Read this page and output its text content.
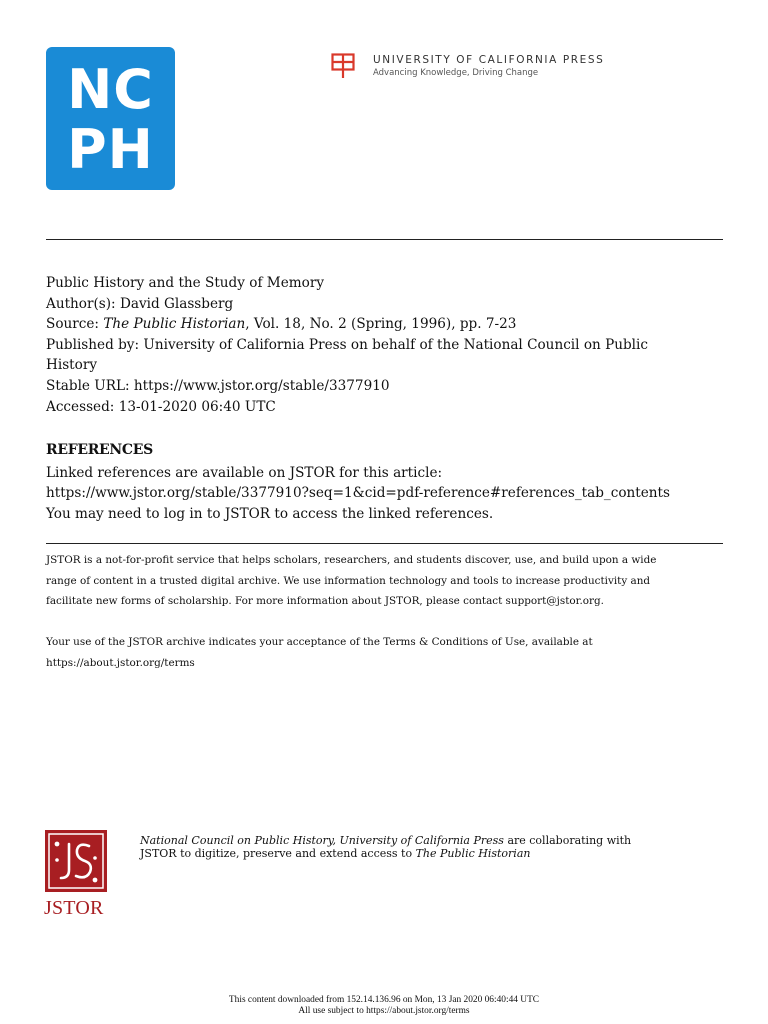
NC
PH
UNIVERSITY OF CALIFORNIA PRESS
Advancing Knowledge, Driving Change
Public History and the Study of Memory
Author(s): David Glassberg
Source: The Public Historian, Vol. 18, No. 2 (Spring, 1996), pp. 7-23
Published by: University of California Press on behalf of the National Council on Public
History
Stable URL: https://www.jstor.org/stable/3377910
Accessed: 13-01-2020 06:40 UTC
REFERENCES
Linked references are available on JSTOR for this article:
https://www.jstor.org/stable/3377910?seq=1&cid=pdf-reference#references_tab_contents
You may need to log in to JSTOR to access the linked references.
JSTOR is a not-for-profit service that helps scholars, researchers, and students discover, use, and build upon a wide
range of content in a trusted digital archive. We use information technology and tools to increase productivity and
facilitate new forms of scholarship. For more information about JSTOR, please contact support@jstor.org.
Your use of the JSTOR archive indicates your acceptance of the Terms & Conditions of Use, available at
https://about.jstor.org/terms
JSTOR
National Council on Public History, University of California Press are collaborating with
JSTOR to digitize, preserve and extend access to The Public Historian
This content downloaded from 152.14.136.96 on Mon, 13 Jan 2020 06:40:44 UTC
All use subject to https://about.jstor.org/terms
